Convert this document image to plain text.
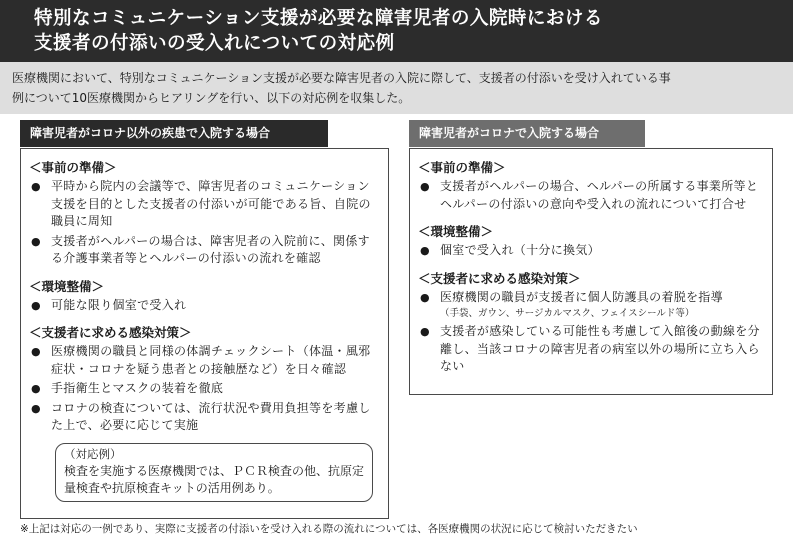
特別なコミュニケーション支援が必要な障害児者の入院時における
支援者の付添いの受入れについての対応例
医療機関において、特別なコミュニケーション支援が必要な障害児者の入院に際して、支援者の付添いを受け入れている事
例について10医療機関からヒアリングを行い、以下の対応例を収集した。
障害児者がコロナ以外の疾患で入院する場合
＜事前の準備＞
● 平時から院内の会議等で、障害児者のコミュニケーション支援を目的とした支援者の付添いが可能である旨、自院の職員に周知
● 支援者がヘルパーの場合は、障害児者の入院前に、関係する介護事業者等とヘルパーの付添いの流れを確認
＜環境整備＞
● 可能な限り個室で受入れ
＜支援者に求める感染対策＞
● 医療機関の職員と同様の体調チェックシート（体温・風邪症状・コロナを疑う患者との接触歴など）を日々確認
● 手指衛生とマスクの装着を徹底
● コロナの検査については、流行状況や費用負担等を考慮した上で、必要に応じて実施
（対応例）
検査を実施する医療機関では、ＰＣＲ検査の他、抗原定量検査や抗原検査キットの活用例あり。
障害児者がコロナで入院する場合
＜事前の準備＞
● 支援者がヘルパーの場合、ヘルパーの所属する事業所等とヘルパーの付添いの意向や受入れの流れについて打合せ
＜環境整備＞
● 個室で受入れ（十分に換気）
＜支援者に求める感染対策＞
● 医療機関の職員が支援者に個人防護具の着脱を指導
（手袋、ガウン、サージカルマスク、フェイスシールド等）
● 支援者が感染している可能性も考慮して入館後の動線を分離し、当該コロナの障害児者の病室以外の場所に立ち入らない
※上記は対応の一例であり、実際に支援者の付添いを受け入れる際の流れについては、各医療機関の状況に応じて検討いただきたい
